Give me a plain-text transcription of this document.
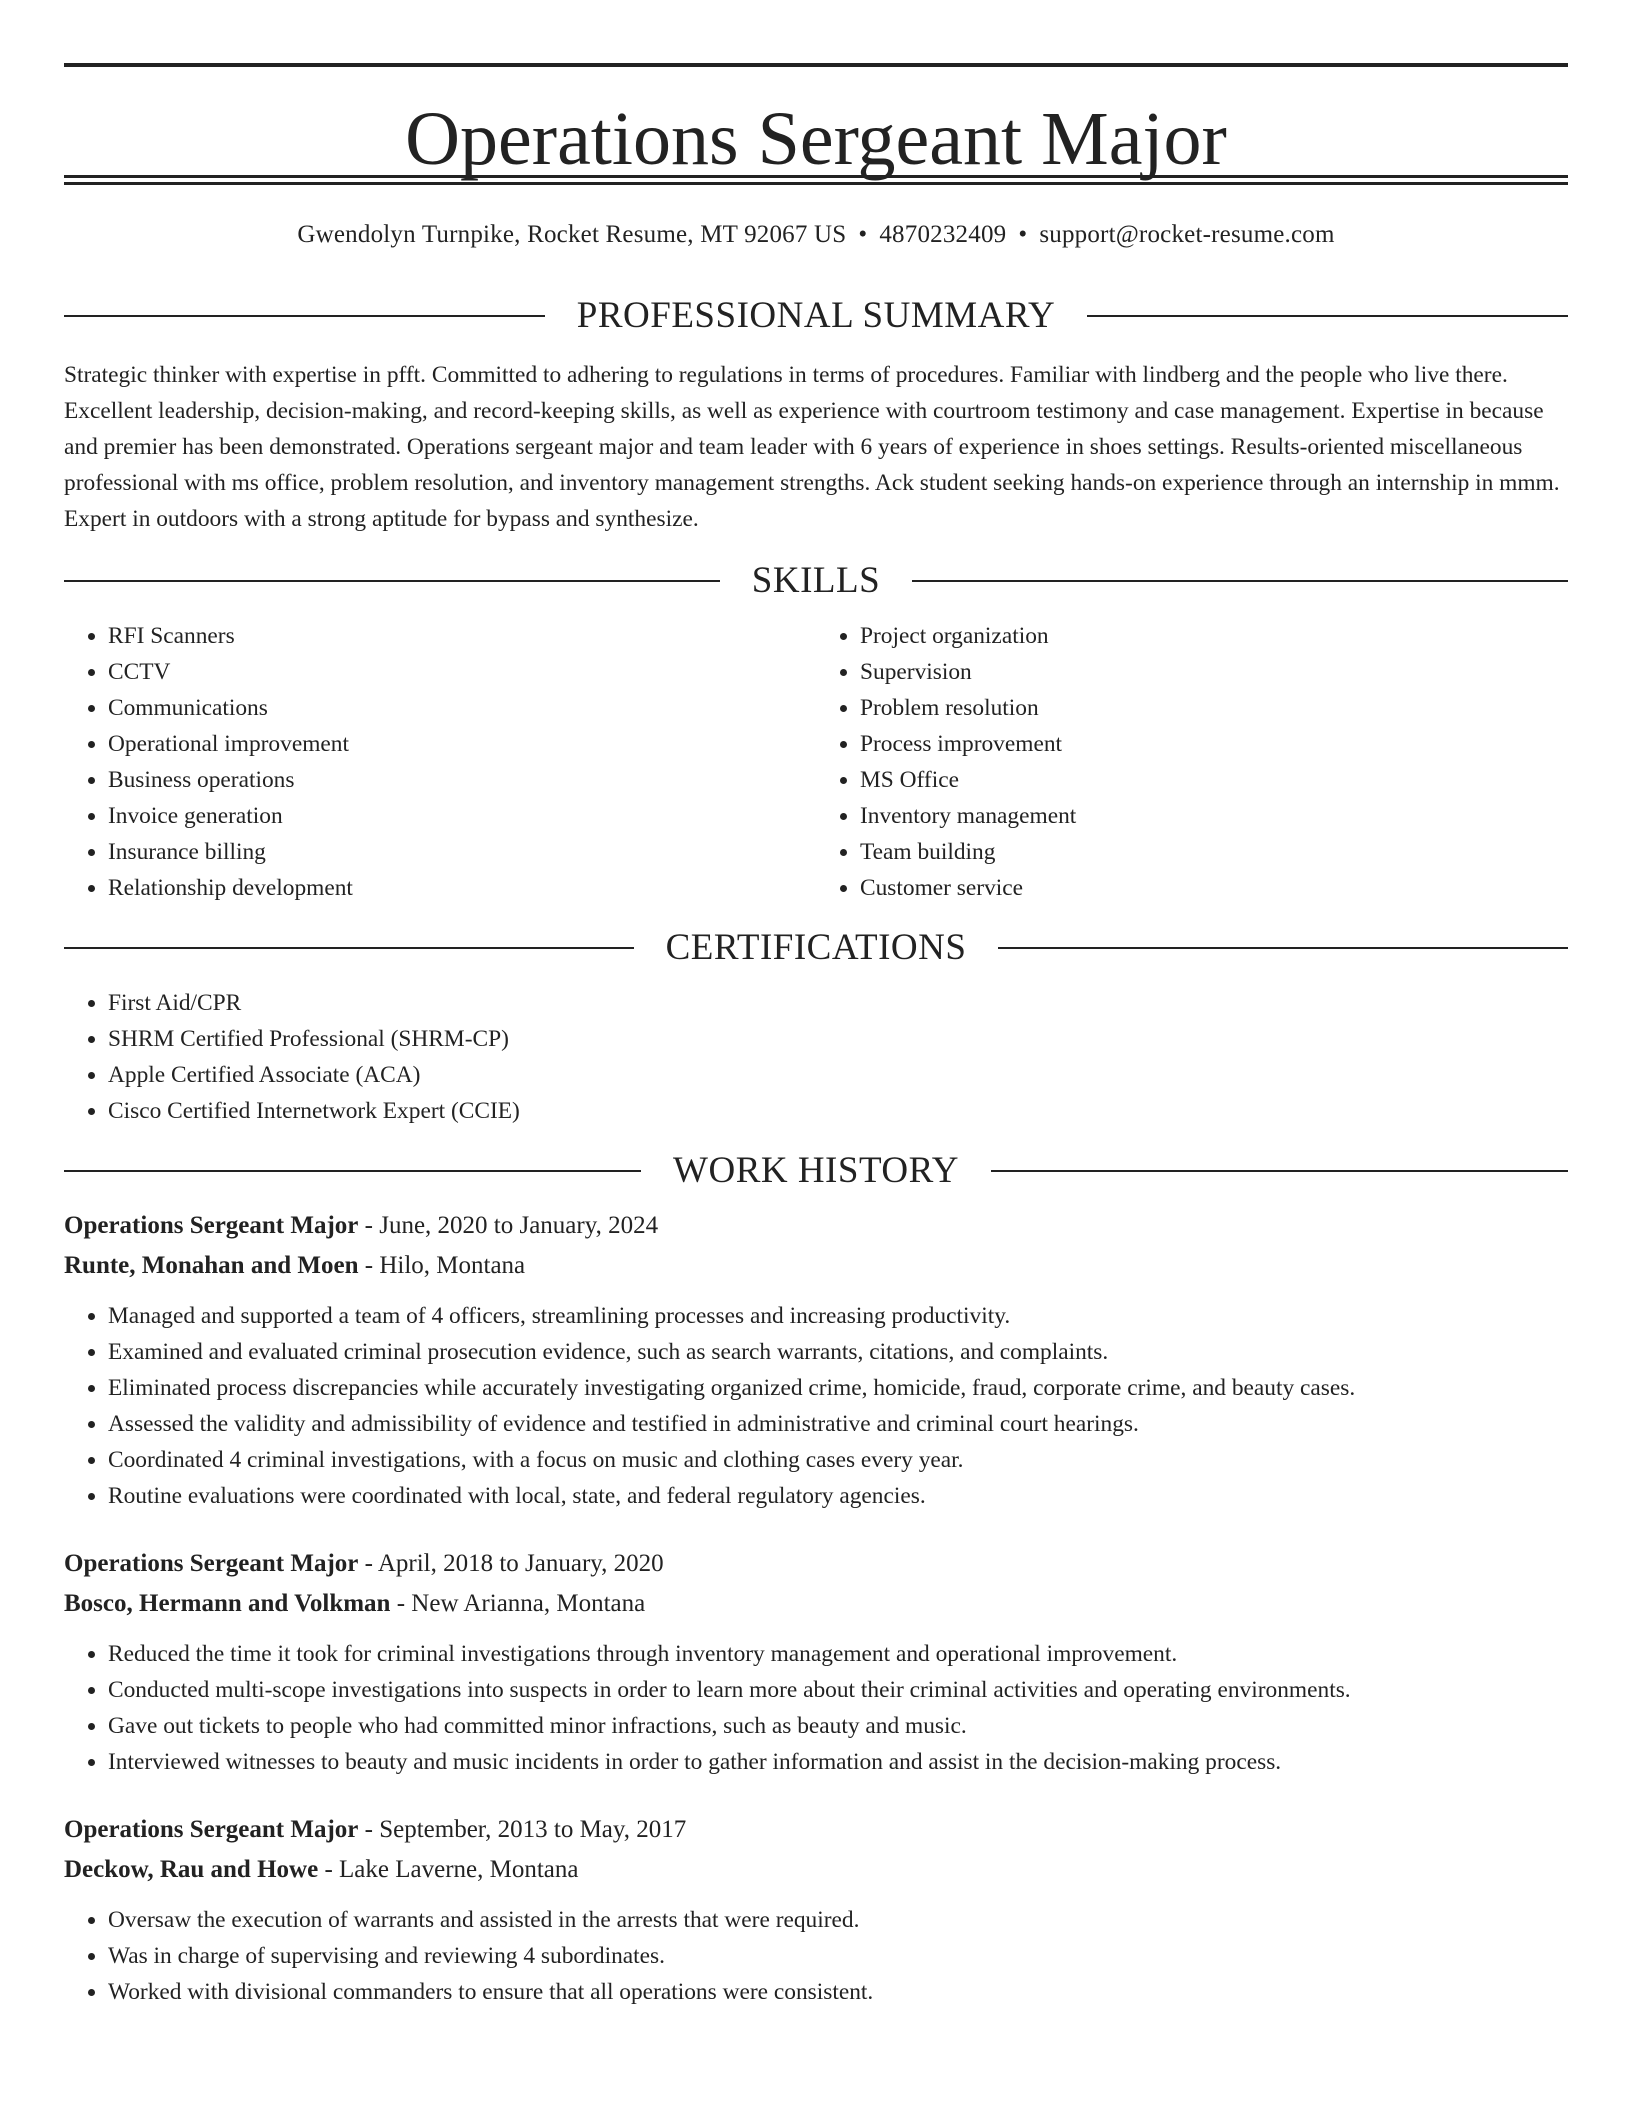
Operations Sergeant Major
Gwendolyn Turnpike, Rocket Resume, MT 92067 US • 4870232409 • support@rocket-resume.com
PROFESSIONAL SUMMARY

Strategic thinker with expertise in pfft. Committed to adhering to regulations in terms of procedures. Familiar with lindberg and the people who live there. Excellent leadership, decision-making, and record-keeping skills, as well as experience with courtroom testimony and case management. Expertise in because and premier has been demonstrated. Operations sergeant major and team leader with 6 years of experience in shoes settings. Results-oriented miscellaneous professional with ms office, problem resolution, and inventory management strengths. Ack student seeking hands-on experience through an internship in mmm. Expert in outdoors with a strong aptitude for bypass and synthesize.

SKILLS
• RFI Scanners
• CCTV
• Communications
• Operational improvement
• Business operations
• Invoice generation
• Insurance billing
• Relationship development
• Project organization
• Supervision
• Problem resolution
• Process improvement
• MS Office
• Inventory management
• Team building
• Customer service
CERTIFICATIONS
• First Aid/CPR
• SHRM Certified Professional (SHRM-CP)
• Apple Certified Associate (ACA)
• Cisco Certified Internetwork Expert (CCIE)
WORK HISTORY
Operations Sergeant Major - June, 2020 to January, 2024
Runte, Monahan and Moen - Hilo, Montana
• Managed and supported a team of 4 officers, streamlining processes and increasing productivity.
• Examined and evaluated criminal prosecution evidence, such as search warrants, citations, and complaints.
• Eliminated process discrepancies while accurately investigating organized crime, homicide, fraud, corporate crime, and beauty cases.
• Assessed the validity and admissibility of evidence and testified in administrative and criminal court hearings.
• Coordinated 4 criminal investigations, with a focus on music and clothing cases every year.
• Routine evaluations were coordinated with local, state, and federal regulatory agencies.
Operations Sergeant Major - April, 2018 to January, 2020
Bosco, Hermann and Volkman - New Arianna, Montana
• Reduced the time it took for criminal investigations through inventory management and operational improvement.
• Conducted multi-scope investigations into suspects in order to learn more about their criminal activities and operating environments.
• Gave out tickets to people who had committed minor infractions, such as beauty and music.
• Interviewed witnesses to beauty and music incidents in order to gather information and assist in the decision-making process.
Operations Sergeant Major - September, 2013 to May, 2017
Deckow, Rau and Howe - Lake Laverne, Montana
• Oversaw the execution of warrants and assisted in the arrests that were required.
• Was in charge of supervising and reviewing 4 subordinates.
• Worked with divisional commanders to ensure that all operations were consistent.
